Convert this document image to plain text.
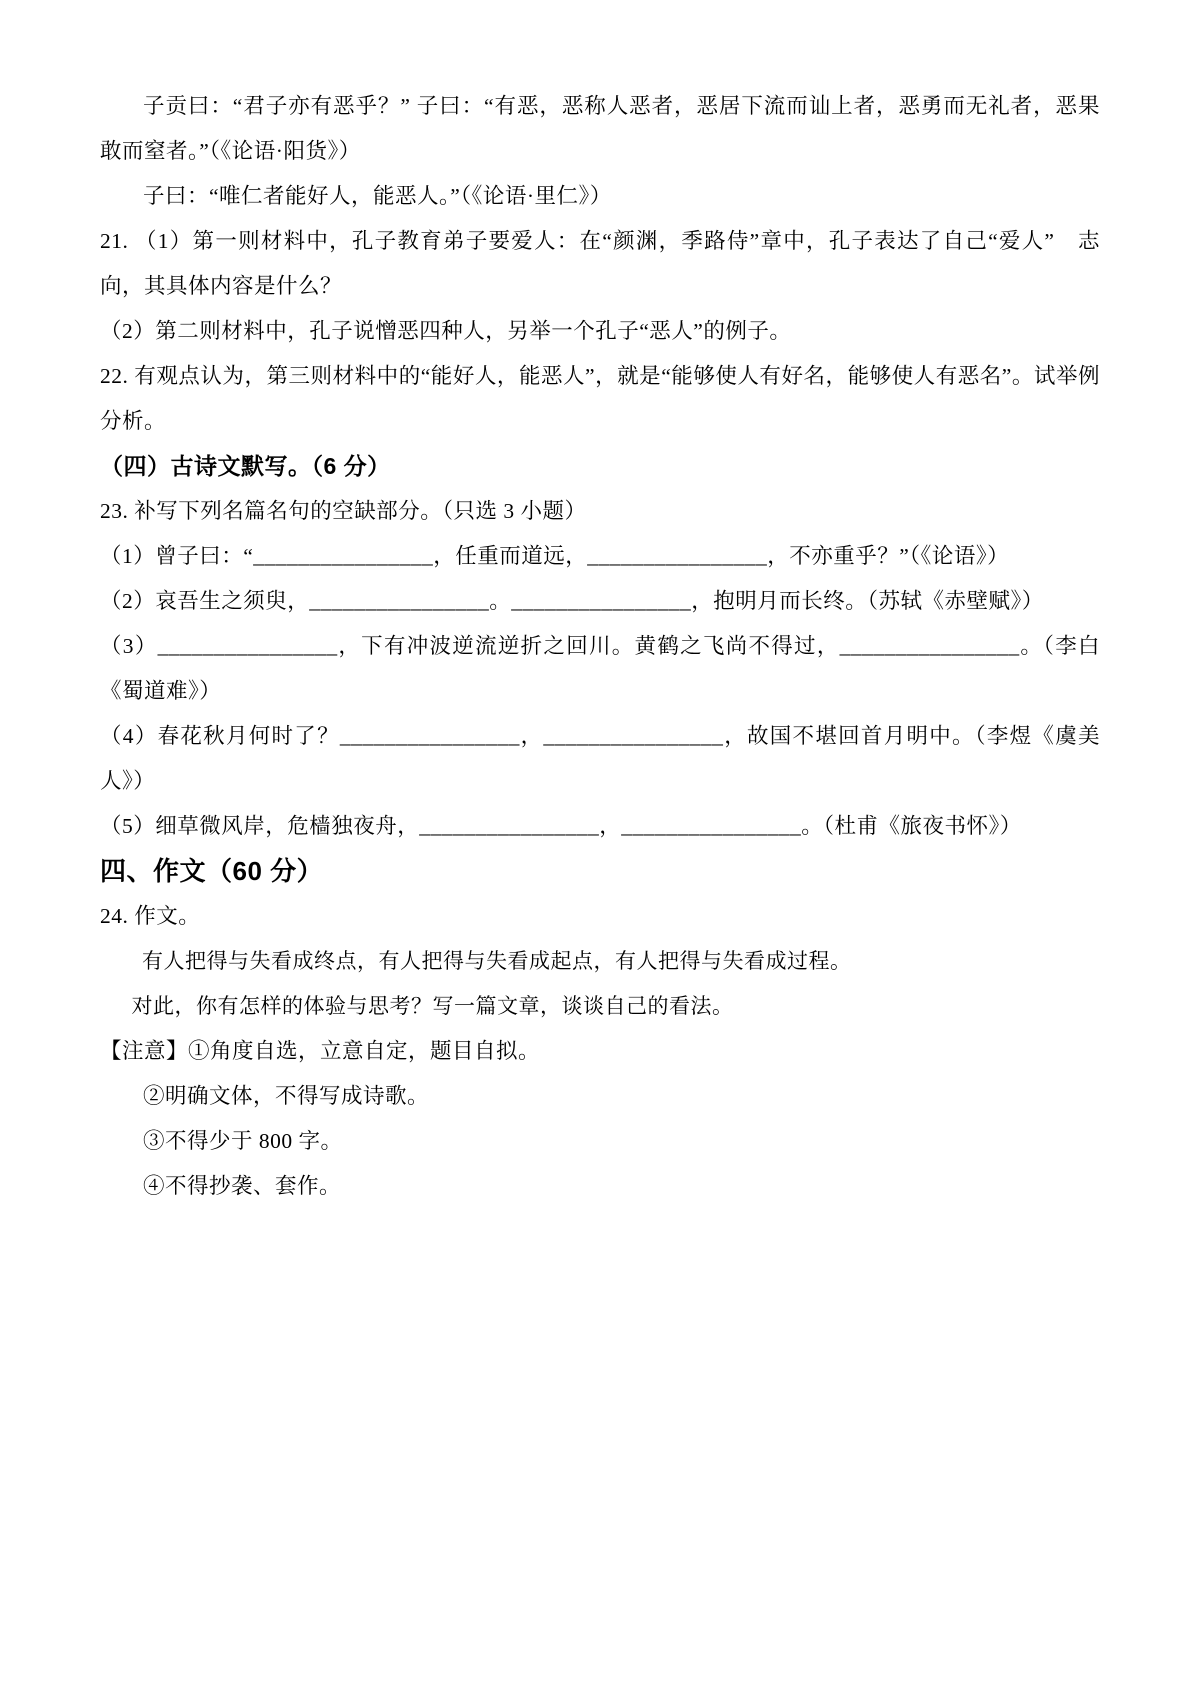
子贡曰：“君子亦有恶乎？” 子曰：“有恶，恶称人恶者，恶居下流而讪上者，恶勇而无礼者，恶果敢而窒者。”（《论语·阳货》）

子曰：“唯仁者能好人，能恶人。”（《论语·里仁》）

21. （1）第一则材料中，孔子教育弟子要爱人：在“颜渊，季路侍”章中，孔子表达了自己“爱人”　志向，其具体内容是什么？

（2）第二则材料中，孔子说憎恶四种人，另举一个孔子“恶人”的例子。

22. 有观点认为，第三则材料中的“能好人，能恶人”，就是“能够使人有好名，能够使人有恶名”。试举例分析。

（四）古诗文默写。（6 分）

23. 补写下列名篇名句的空缺部分。（只选 3 小题）

（1）曾子曰：“________________，任重而道远，________________，不亦重乎？”（《论语》）

（2）哀吾生之须臾，________________。________________，抱明月而长终。（苏轼《赤壁赋》）

（3）________________，下有冲波逆流逆折之回川。黄鹤之飞尚不得过，________________。（李白《蜀道难》）

（4）春花秋月何时了？________________，________________，故国不堪回首月明中。（李煜《虞美人》）

（5）细草微风岸，危樯独夜舟，________________，________________。（杜甫《旅夜书怀》）

四、作文（60 分）

24. 作文。

有人把得与失看成终点，有人把得与失看成起点，有人把得与失看成过程。

对此，你有怎样的体验与思考？写一篇文章，谈谈自己的看法。

【注意】①角度自选，立意自定，题目自拟。

②明确文体，不得写成诗歌。

③不得少于 800 字。

④不得抄袭、套作。
